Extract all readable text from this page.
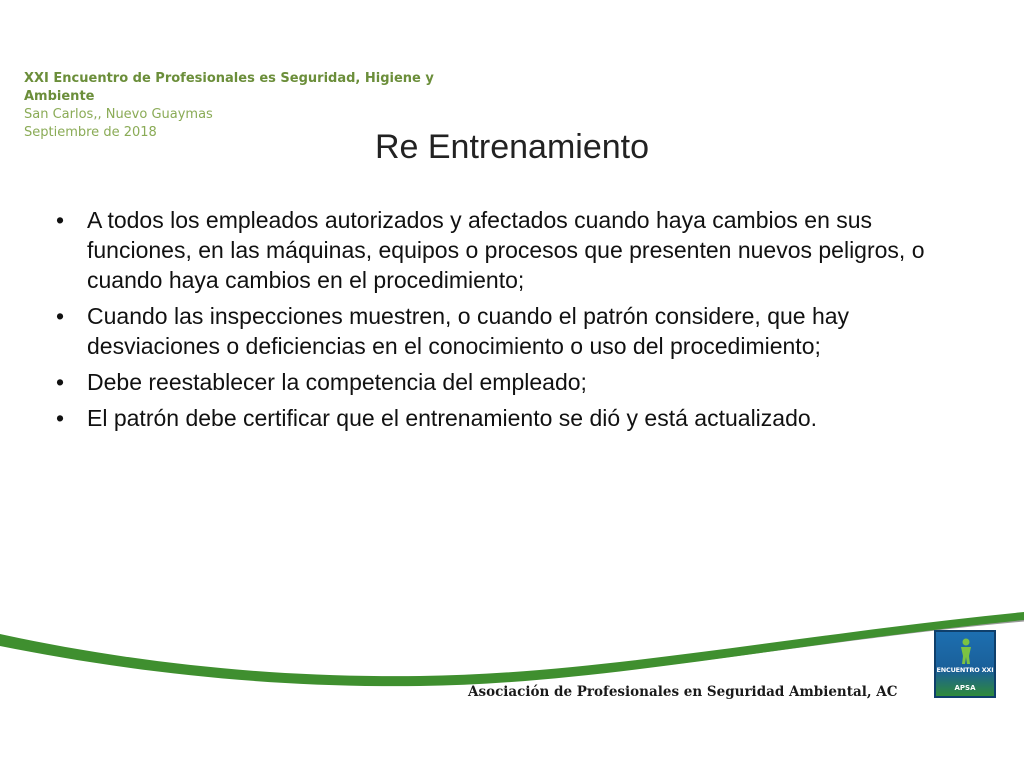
XXI Encuentro de Profesionales es Seguridad, Higiene y Ambiente
San Carlos,, Nuevo Guaymas
Septiembre de 2018	Re Entrenamiento
• A todos los empleados autorizados y afectados cuando haya cambios en sus funciones, en las máquinas, equipos o procesos que presenten nuevos peligros, o cuando haya cambios en el procedimiento;
• Cuando las inspecciones muestren, o cuando el patrón considere, que hay desviaciones o deficiencias en el conocimiento o uso del procedimiento;
• Debe reestablecer la competencia del empleado;
• El patrón debe certificar que el entrenamiento se dió y está actualizado.
Asociación de Profesionales en Seguridad Ambiental, AC
ENCUENTRO XXI
APSA
